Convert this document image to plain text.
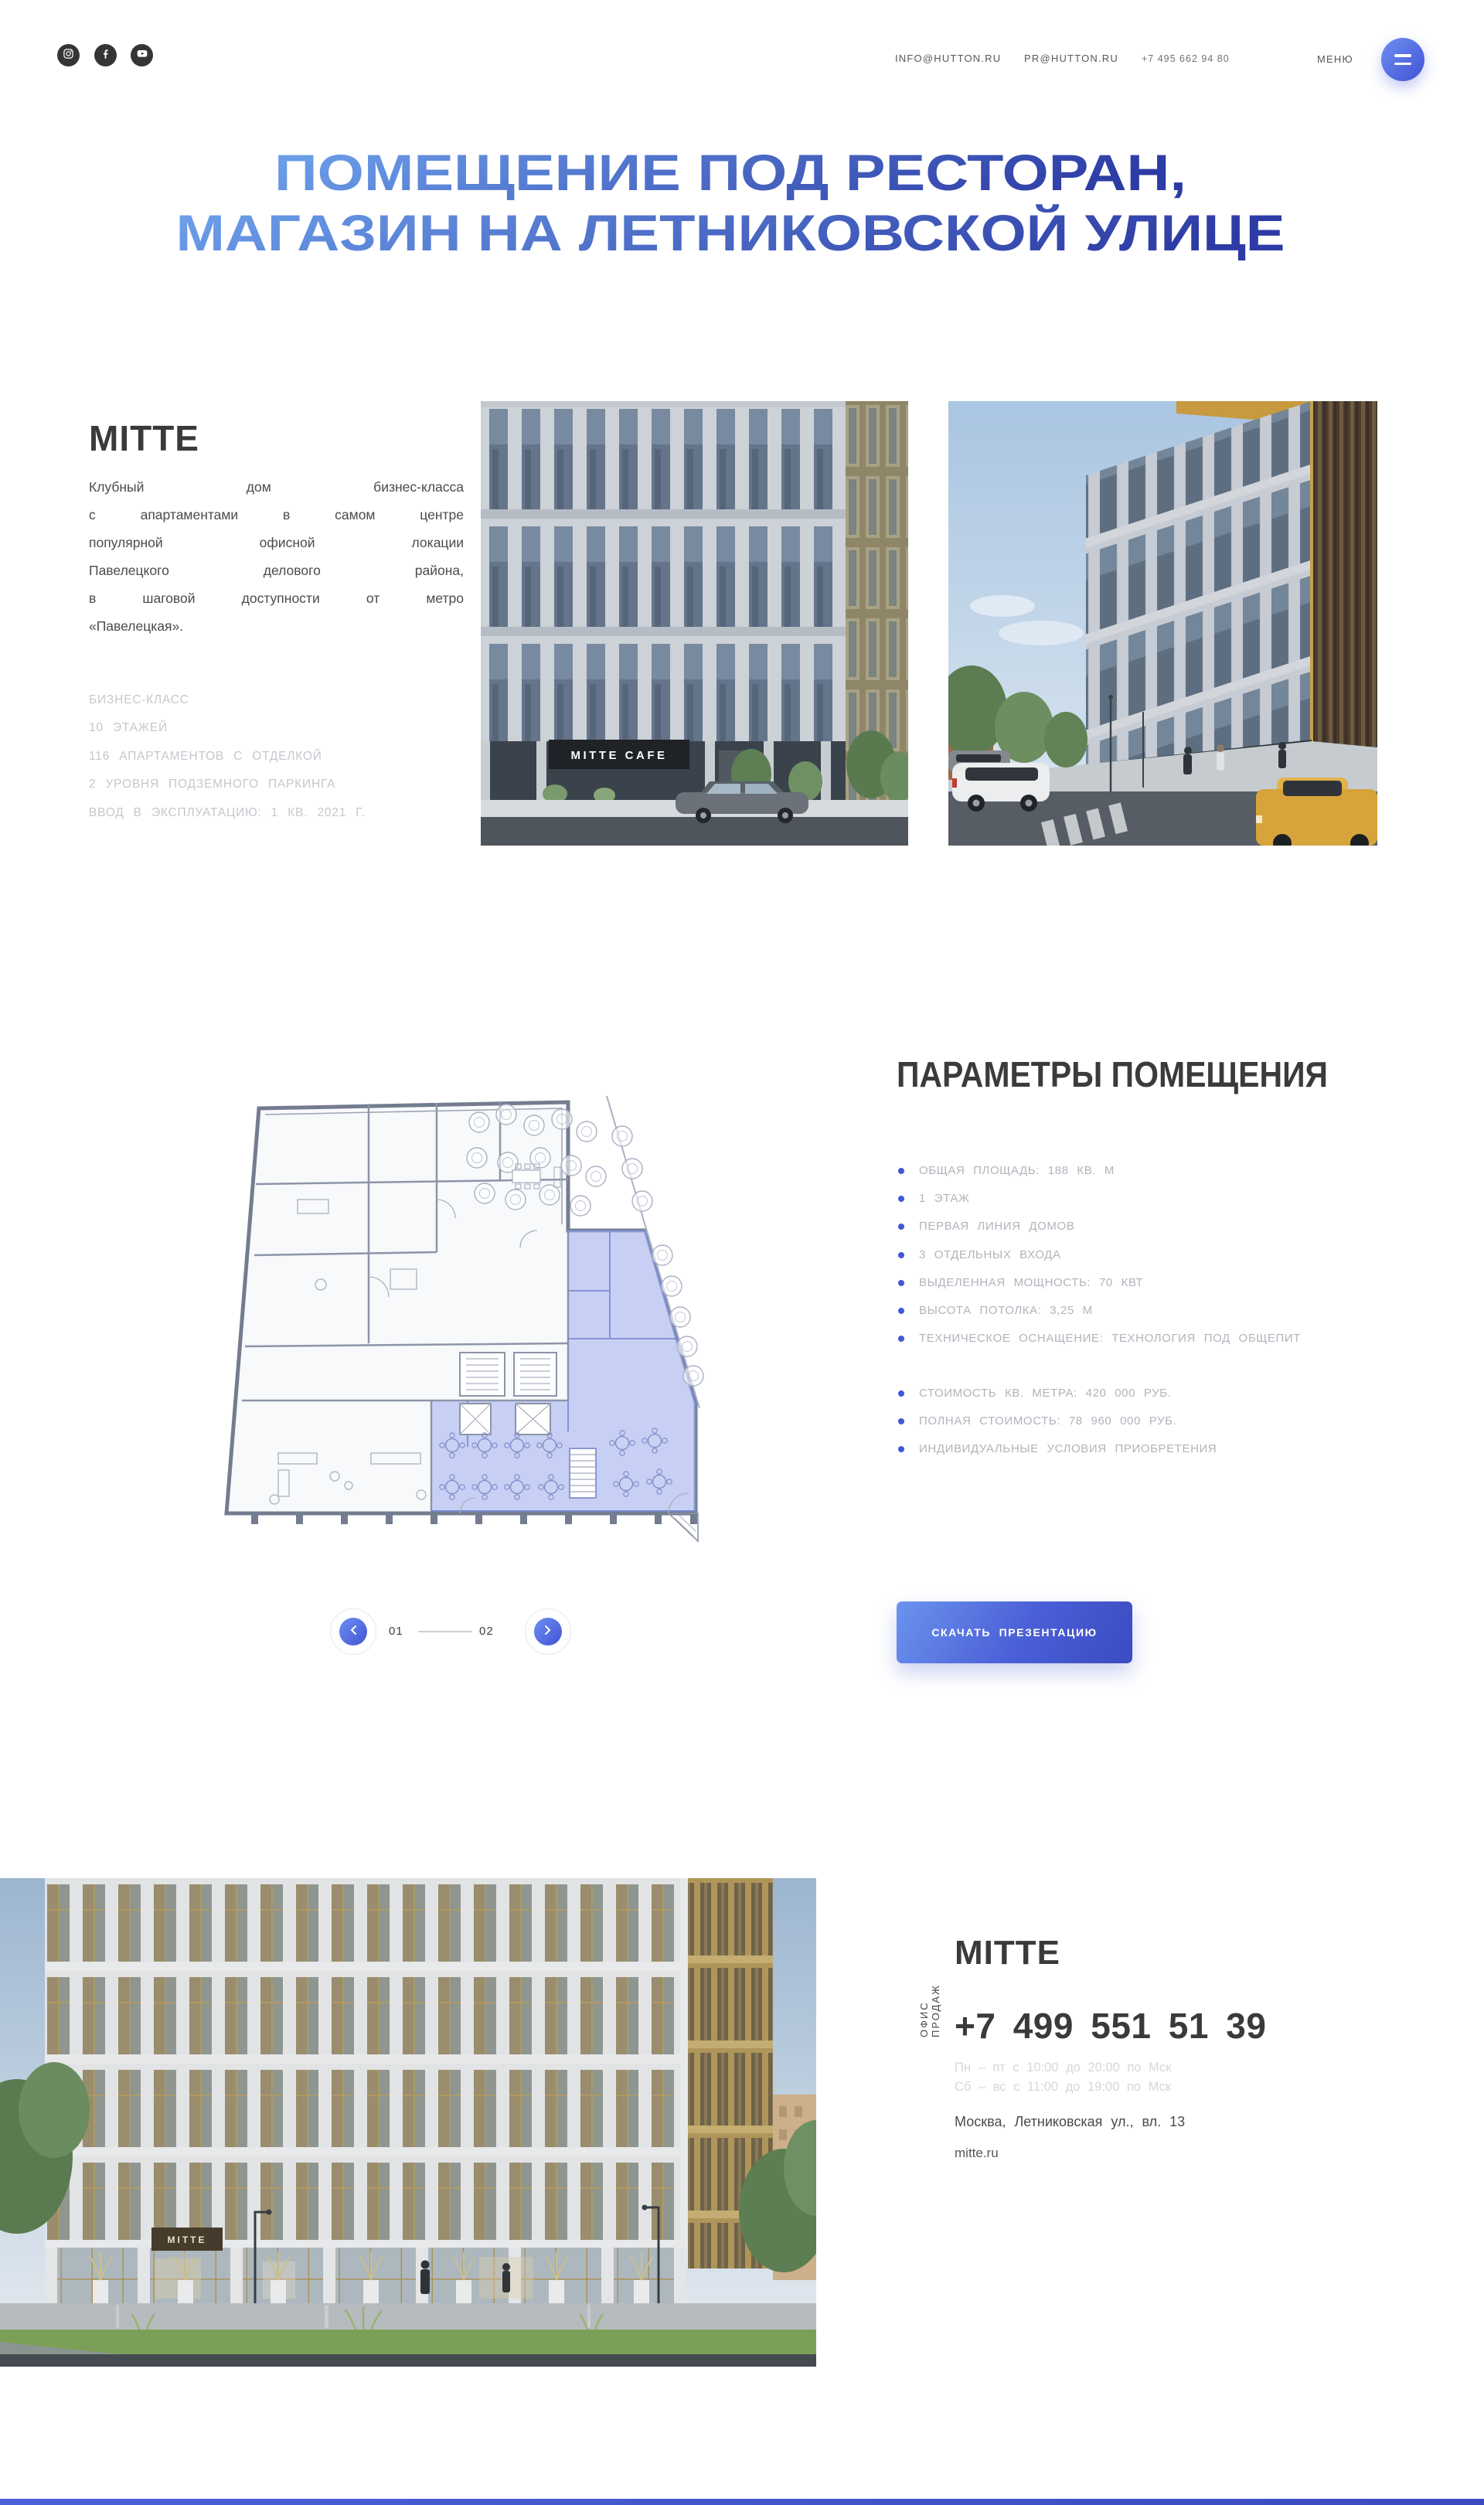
INFO@HUTTON.RU PR@HUTTON.RU +7 495 662 94 80	МЕНЮ
ПОМЕЩЕНИЕ ПОД РЕСТОРАН,
МАГАЗИН НА ЛЕТНИКОВСКОЙ УЛИЦЕ
MITTE
Клубный дом бизнес-класса
с апартаментами в самом центре
популярной офисной локации
Павелецкого делового района,
в шаговой доступности от метро
«Павелецкая».
БИЗНЕС-КЛАСС
10 ЭТАЖЕЙ
116 АПАРТАМЕНТОВ С ОТДЕЛКОЙ
2 УРОВНЯ ПОДЗЕМНОГО ПАРКИНГА
ВВОД В ЭКСПЛУАТАЦИЮ: 1 КВ. 2021 Г.
MITTE CAFE
01	02
ПАРАМЕТРЫ ПОМЕЩЕНИЯ
ОБЩАЯ ПЛОЩАДЬ: 188 КВ. М
1 ЭТАЖ
ПЕРВАЯ ЛИНИЯ ДОМОВ
3 ОТДЕЛЬНЫХ ВХОДА
ВЫДЕЛЕННАЯ МОЩНОСТЬ: 70 КВТ
ВЫСОТА ПОТОЛКА: 3,25 М
ТЕХНИЧЕСКОЕ ОСНАЩЕНИЕ: ТЕХНОЛОГИЯ ПОД ОБЩЕПИТ
СТОИМОСТЬ КВ. МЕТРА: 420 000 РУБ.
ПОЛНАЯ СТОИМОСТЬ: 78 960 000 РУБ.
ИНДИВИДУАЛЬНЫЕ УСЛОВИЯ ПРИОБРЕТЕНИЯ
СКАЧАТЬ ПРЕЗЕНТАЦИЮ
MITTE
ОФИС ПРОДАЖ
MITTE
+7 499 551 51 39
Пн – пт с 10:00 до 20:00 по Мск
Сб – вс с 11:00 до 19:00 по Мск
Москва, Летниковская ул., вл. 13
mitte.ru
